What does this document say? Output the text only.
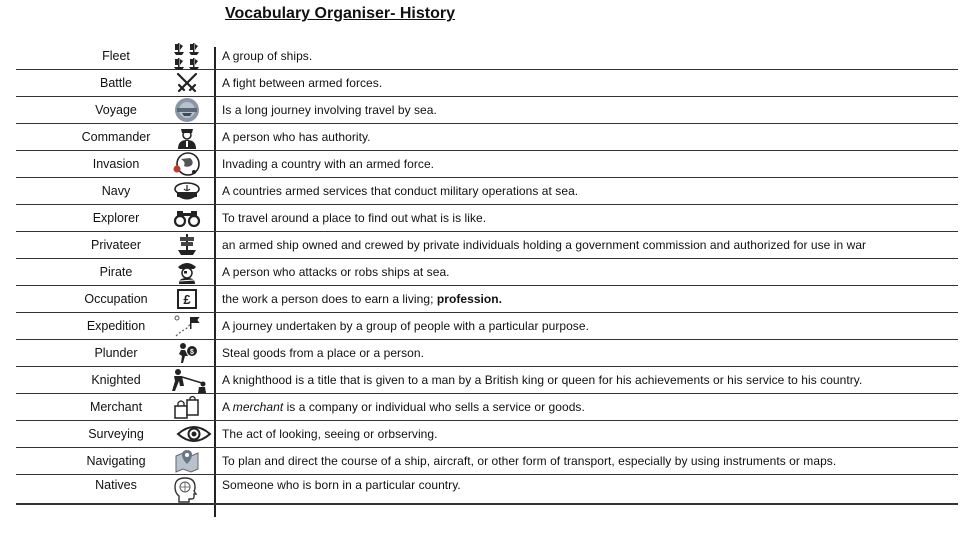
Vocabulary Organiser- History
Fleet	A group of ships.
Battle	A fight between armed forces.
Voyage	Is a long journey involving travel by sea.
Commander	A person who has authority.
Invasion	Invading a country with an armed force.
Navy	A countries armed services that conduct military operations at sea.
Explorer	To travel around a place to find out what is is like.
Privateer	an armed ship owned and crewed by private individuals holding a government commission and authorized for use in war
Pirate	A person who attacks or robs ships at sea.
Occupation	£	the work a person does to earn a living; profession.
Expedition	A journey undertaken by a group of people with a particular purpose.
Plunder	$ Steal goods from a place or a person.
Knighted	A knighthood is a title that is given to a man by a British king or queen for his achievements or his service to his country.
Merchant	A merchant is a company or individual who sells a service or goods.
Surveying	The act of looking, seeing or orbserving.
Navigating	To plan and direct the course of a ship, aircraft, or other form of transport, especially by using instruments or maps.
Natives	Someone who is born in a particular country.
